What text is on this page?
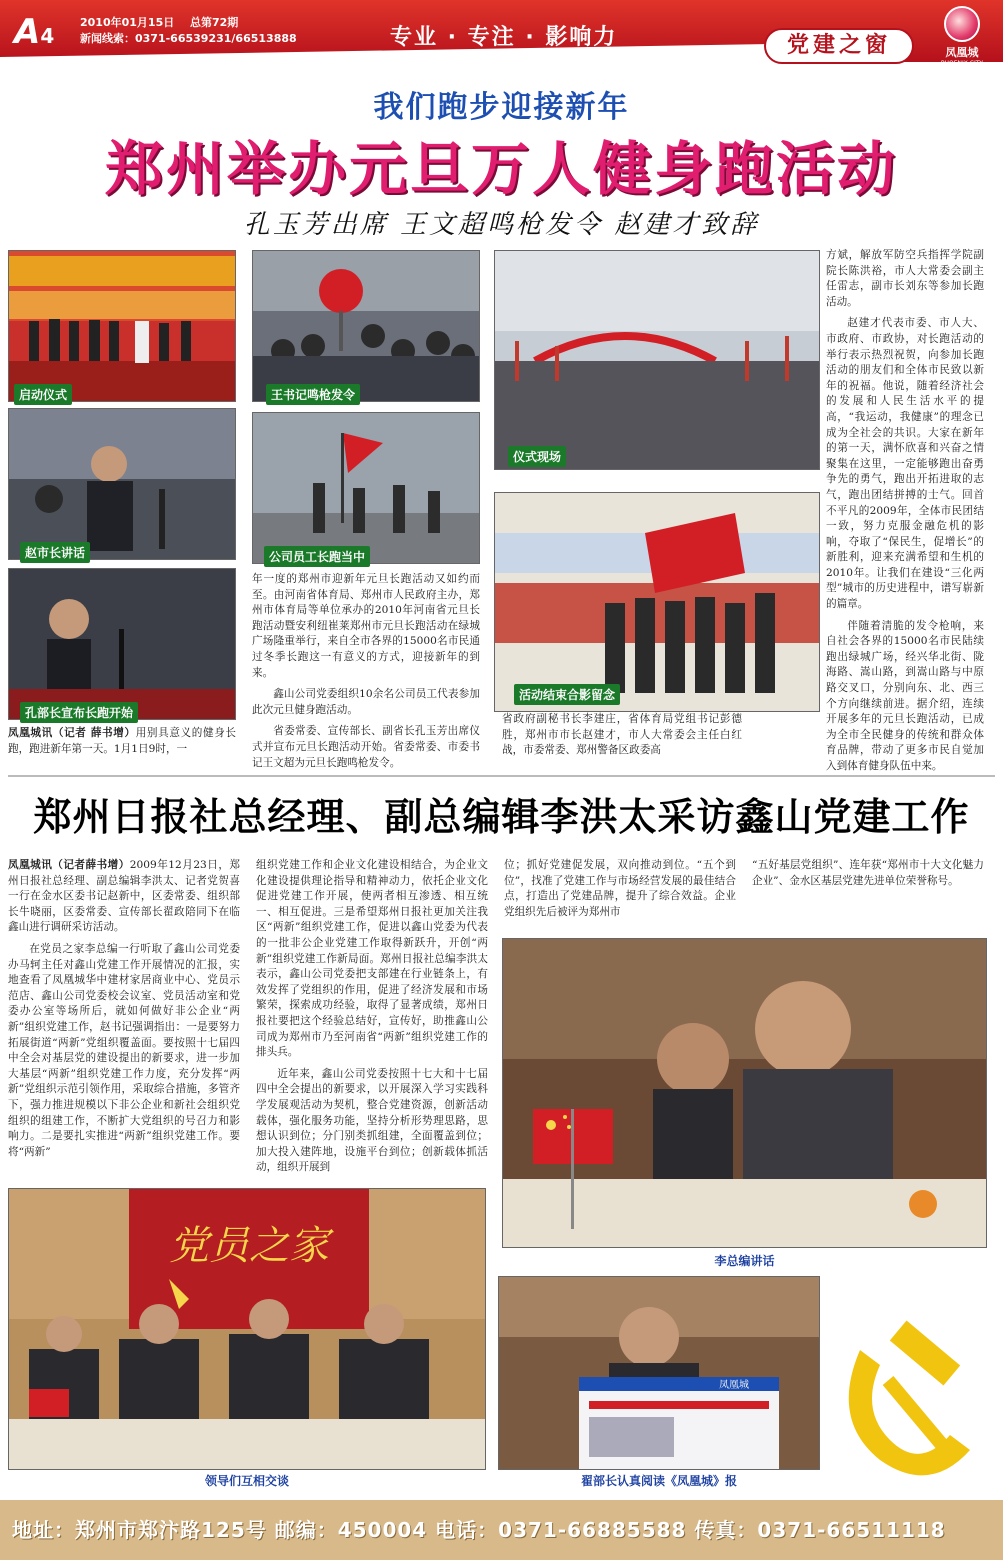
A4
2010年01月15日 总第72期
新闻线索：0371-66539231/66513888	专业 · 专注 · 影响力	党建之窗	凤凰城
PHOENIX CITY
我们跑步迎接新年
郑州举办元旦万人健身跑活动
孔玉芳出席 王文超鸣枪发令 赵建才致辞
启动仪式	王书记鸣枪发令
仪式现场
赵市长讲话	公司员工长跑当中
孔部长宣布长跑开始
活动结束合影留念

凤凰城讯（记者 薛书增）用别具意义的健身长跑，跑进新年第一天。1月1日9时，一

年一度的郑州市迎新年元旦长跑活动又如约而至。由河南省体育局、郑州市人民政府主办，郑州市体育局等单位承办的2010年河南省元旦长跑活动暨安利纽崔莱郑州市元旦长跑活动在绿城广场隆重举行，来自全市各界的15000名市民通过冬季长跑这一有意义的方式，迎接新年的到来。

鑫山公司党委组织10余名公司员工代表参加此次元旦健身跑活动。

省委常委、宣传部长、副省长孔玉芳出席仪式并宣布元旦长跑活动开始。省委常委、市委书记王文超为元旦长跑鸣枪发令。

省政府副秘书长李建庄，省体育局党组书记彭德胜，郑州市市长赵建才，市人大常委会主任白红战，市委常委、郑州警备区政委高

方斌，解放军防空兵指挥学院副院长陈洪裕，市人大常委会副主任雷志，副市长刘东等参加长跑活动。

赵建才代表市委、市人大、市政府、市政协，对长跑活动的举行表示热烈祝贺，向参加长跑活动的朋友们和全体市民致以新年的祝福。他说，随着经济社会的发展和人民生活水平的提高，“我运动，我健康”的理念已成为全社会的共识。大家在新年的第一天，满怀欣喜和兴奋之情聚集在这里，一定能够跑出奋勇争先的勇气，跑出开拓进取的志气，跑出团结拼搏的士气。回首不平凡的2009年，全体市民团结一致，努力克服金融危机的影响，夺取了“保民生，促增长”的新胜利，迎来充满希望和生机的2010年。让我们在建设“三化两型”城市的历史进程中，谱写崭新的篇章。

伴随着清脆的发令枪响，来自社会各界的15000名市民陆续跑出绿城广场，经兴华北街、陇海路、嵩山路，到嵩山路与中原路交叉口，分别向东、北、西三个方向继续前进。据介绍，连续开展多年的元旦长跑活动，已成为全市全民健身的传统和群众体育品牌，带动了更多市民自觉加入到体育健身队伍中来。

郑州日报社总经理、副总编辑李洪太采访鑫山党建工作

凤凰城讯（记者薛书增）2009年12月23日，郑州日报社总经理、副总编辑李洪太、记者党贺喜一行在金水区委书记赵新中，区委常委、组织部长牛晓丽，区委常委、宣传部长翟政陪同下在临鑫山进行调研采访活动。

在党员之家李总编一行听取了鑫山公司党委办马轲主任对鑫山党建工作开展情况的汇报，实地查看了凤凰城华中建材家居商业中心、党员示范店、鑫山公司党委校会议室、党员活动室和党委办公室等场所后，就如何做好非公企业“两新”组织党建工作，赵书记强调指出：一是要努力拓展街道“两新”党组织覆盖面。要按照十七届四中全会对基层党的建设提出的新要求，进一步加大基层“两新”组织党建工作力度，充分发挥“两新”党组织示范引领作用，采取综合措施，多管齐下，强力推进规模以下非公企业和新社会组织党组织的组建工作，不断扩大党组织的号召力和影响力。二是要扎实推进“两新”组织党建工作。要将“两新”

组织党建工作和企业文化建设相结合，为企业文化建设提供理论指导和精神动力，依托企业文化促进党建工作开展，使两者相互渗透、相互统一、相互促进。三是希望郑州日报社更加关注我区“两新”组织党建工作，促进以鑫山党委为代表的一批非公企业党建工作取得新跃升，开创“两新”组织党建工作新局面。郑州日报社总编李洪太表示，鑫山公司党委把支部建在行业链条上，有效发挥了党组织的作用，促进了经济发展和市场繁荣，探索成功经验，取得了显著成绩，郑州日报社要把这个经验总结好，宣传好，助推鑫山公司成为郑州市乃至河南省“两新”组织党建工作的排头兵。

近年来，鑫山公司党委按照十七大和十七届四中全会提出的新要求，以开展深入学习实践科学发展观活动为契机，整合党建资源，创新活动载体，强化服务功能，坚持分析形势理思路，思想认识到位；分门别类抓组建，全面覆盖到位；加大投入建阵地，设施平台到位；创新载体抓活动，组织开展到

位；抓好党建促发展，双向推动到位。“五个到位”，找准了党建工作与市场经营发展的最佳结合点，打造出了党建品牌，提升了综合效益。企业党组织先后被评为郑州市

“五好基层党组织”、连年获“郑州市十大文化魅力企业”、金水区基层党建先进单位荣誉称号。

李总编讲话
党员之家
领导们互相交谈
凤凰城
翟部长认真阅读《凤凰城》报
地址：郑州市郑汴路125号 邮编：450004 电话：0371-66885588 传真：0371-66511118
